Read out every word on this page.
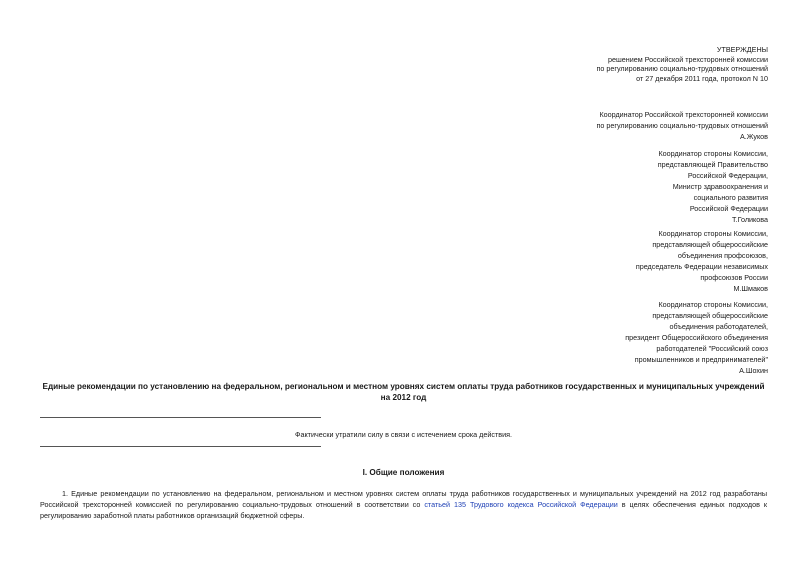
УТВЕРЖДЕНЫ
решением Российской трехсторонней комиссии
по регулированию социально-трудовых отношений
от 27 декабря 2011 года, протокол N 10
Координатор Российской трехсторонней комиссии
по регулированию социально-трудовых отношений
А.Жуков
Координатор стороны Комиссии,
представляющей Правительство
Российской Федерации,
Министр здравоохранения и
социального развития
Российской Федерации
Т.Голикова
Координатор стороны Комиссии,
представляющей общероссийские
объединения профсоюзов,
председатель Федерации независимых
профсоюзов России
М.Шмаков
Координатор стороны Комиссии,
представляющей общероссийские
объединения работодателей,
президент Общероссийского объединения
работодателей "Российский союз
промышленников и предпринимателей"
А.Шохин
Единые рекомендации по установлению на федеральном, региональном и местном уровнях систем оплаты труда работников государственных и муниципальных учреждений на 2012 год
Фактически утратили силу в связи с истечением срока действия.
I. Общие положения
1. Единые рекомендации по установлению на федеральном, региональном и местном уровнях систем оплаты труда работников государственных и муниципальных учреждений на 2012 год разработаны Российской трехсторонней комиссией по регулированию социально-трудовых отношений в соответствии со статьей 135 Трудового кодекса Российской Федерации в целях обеспечения единых подходов к регулированию заработной платы работников организаций бюджетной сферы.
